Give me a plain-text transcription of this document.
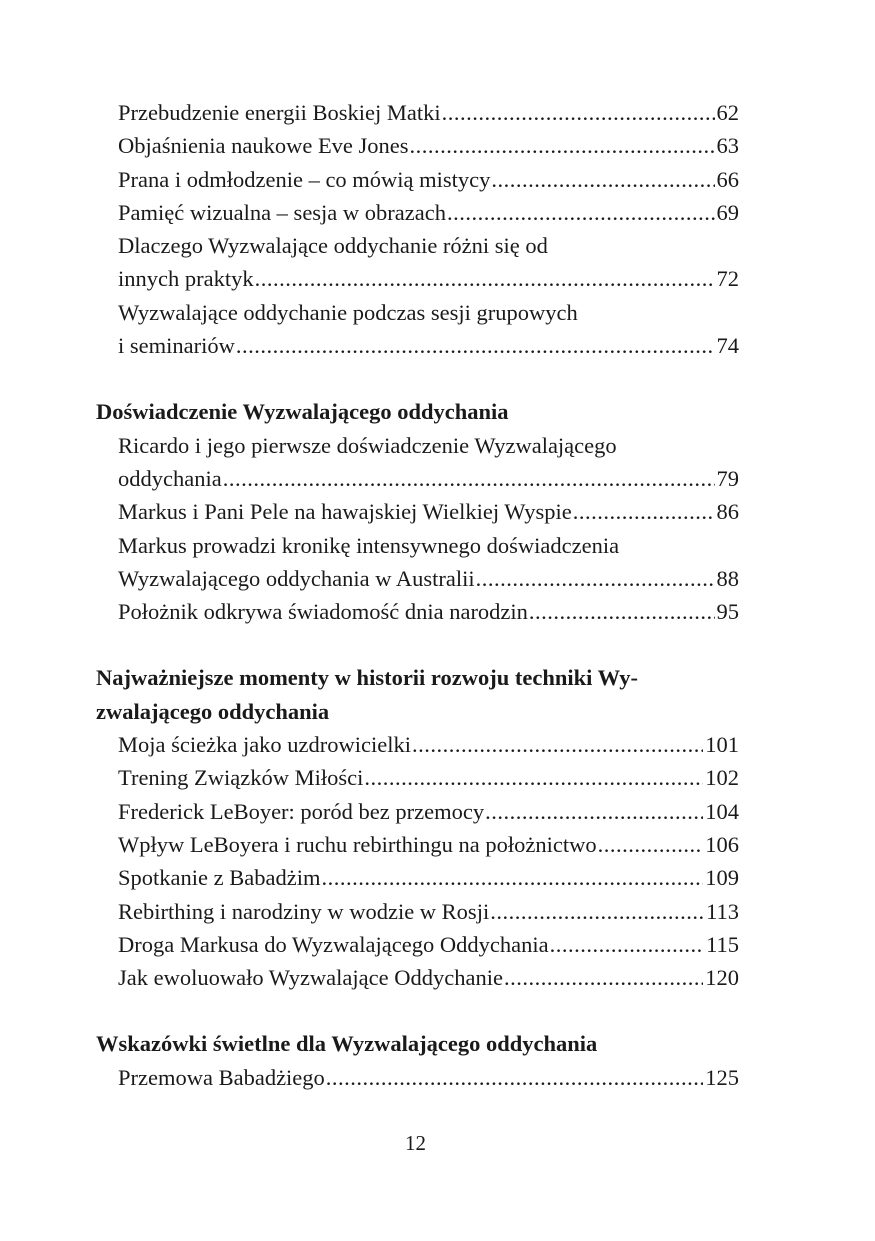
Przebudzenie energii Boskiej Matki .....	62
Objaśnienia naukowe Eve Jones .....	63
Prana i odmłodzenie – co mówią mistycy .....	66
Pamięć wizualna – sesja w obrazach .....	69
Dlaczego Wyzwalające oddychanie różni się od
innych praktyk .....	72
Wyzwalające oddychanie podczas sesji grupowych
i seminariów .....	74
Doświadczenie Wyzwalającego oddychania
Ricardo i jego pierwsze doświadczenie Wyzwalającego
oddychania .....	79
Markus i Pani Pele na hawajskiej Wielkiej Wyspie .....	86
Markus prowadzi kronikę intensywnego doświadczenia
Wyzwalającego oddychania w Australii .....	88
Położnik odkrywa świadomość dnia narodzin .....	95
Najważniejsze momenty w historii rozwoju techniki Wy-
zwalającego oddychania
Moja ścieżka jako uzdrowicielki .....	101
Trening Związków Miłości .....	102
Frederick LeBoyer: poród bez przemocy .....	104
Wpływ LeBoyera i ruchu rebirthingu na położnictwo .....	106
Spotkanie z Babadżim .....	109
Rebirthing i narodziny w wodzie w Rosji .....	113
Droga Markusa do Wyzwalającego Oddychania .....	115
Jak ewoluowało Wyzwalające Oddychanie .....	120
Wskazówki świetlne dla Wyzwalającego oddychania
Przemowa Babadżiego .....	125
12
